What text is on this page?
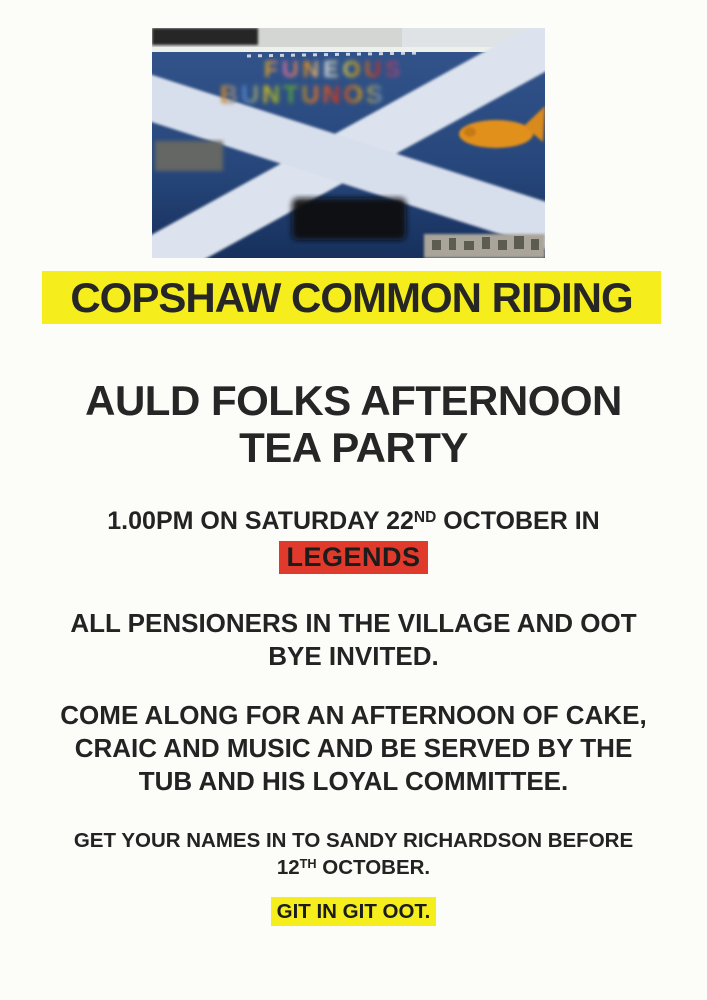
FUNEOUS
BUNTUNOS
COPSHAW COMMON RIDING
AULD FOLKS AFTERNOON
TEA PARTY
1.00PM ON SATURDAY 22ND OCTOBER IN
LEGENDS
ALL PENSIONERS IN THE VILLAGE AND OOT
BYE INVITED.
COME ALONG FOR AN AFTERNOON OF CAKE,
CRAIC AND MUSIC AND BE SERVED BY THE
TUB AND HIS LOYAL COMMITTEE.
GET YOUR NAMES IN TO SANDY RICHARDSON BEFORE
12TH OCTOBER.
GIT IN GIT OOT.
